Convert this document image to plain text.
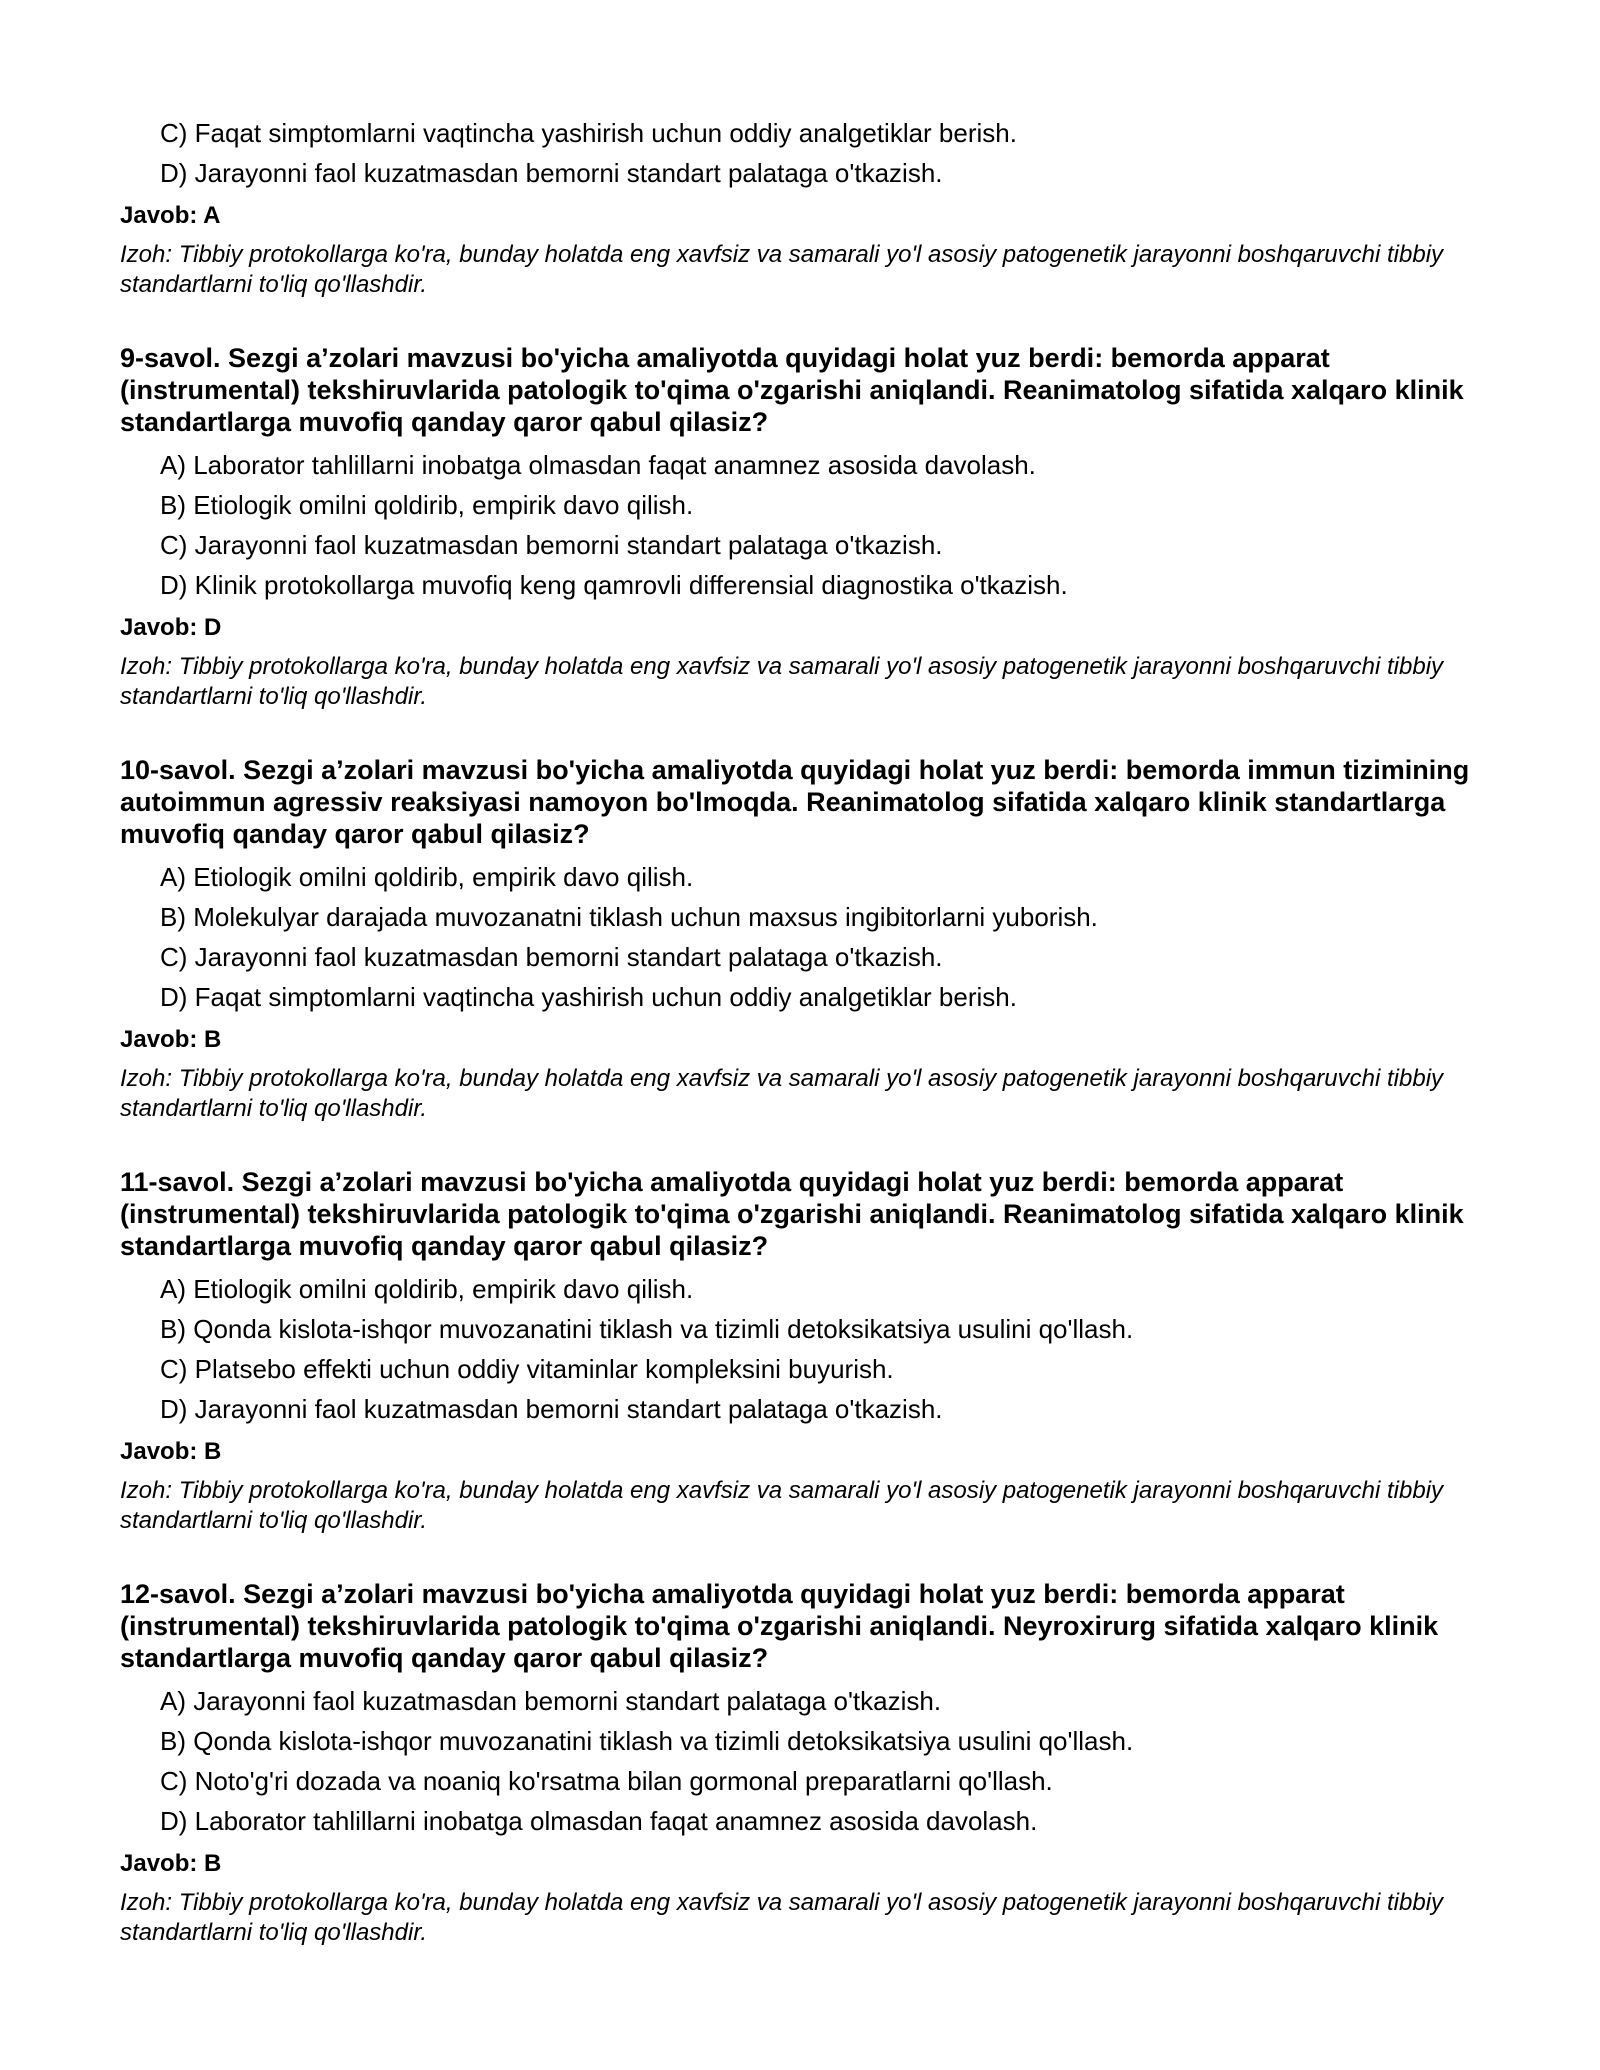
C) Faqat simptomlarni vaqtincha yashirish uchun oddiy analgetiklar berish.
D) Jarayonni faol kuzatmasdan bemorni standart palataga o'tkazish.
Javob: A

Izoh: Tibbiy protokollarga ko'ra, bunday holatda eng xavfsiz va samarali yo'l asosiy patogenetik jarayonni boshqaruvchi tibbiy standartlarni to'liq qo'llashdir.

9-savol. Sezgi a’zolari mavzusi bo'yicha amaliyotda quyidagi holat yuz berdi: bemorda apparat (instrumental) tekshiruvlarida patologik to'qima o'zgarishi aniqlandi. Reanimatolog sifatida xalqaro klinik standartlarga muvofiq qanday qaror qabul qilasiz?

A) Laborator tahlillarni inobatga olmasdan faqat anamnez asosida davolash.
B) Etiologik omilni qoldirib, empirik davo qilish.
C) Jarayonni faol kuzatmasdan bemorni standart palataga o'tkazish.
D) Klinik protokollarga muvofiq keng qamrovli differensial diagnostika o'tkazish.
Javob: D

Izoh: Tibbiy protokollarga ko'ra, bunday holatda eng xavfsiz va samarali yo'l asosiy patogenetik jarayonni boshqaruvchi tibbiy standartlarni to'liq qo'llashdir.

10-savol. Sezgi a’zolari mavzusi bo'yicha amaliyotda quyidagi holat yuz berdi: bemorda immun tizimining autoimmun agressiv reaksiyasi namoyon bo'lmoqda. Reanimatolog sifatida xalqaro klinik standartlarga muvofiq qanday qaror qabul qilasiz?

A) Etiologik omilni qoldirib, empirik davo qilish.
B) Molekulyar darajada muvozanatni tiklash uchun maxsus ingibitorlarni yuborish.
C) Jarayonni faol kuzatmasdan bemorni standart palataga o'tkazish.
D) Faqat simptomlarni vaqtincha yashirish uchun oddiy analgetiklar berish.
Javob: B

Izoh: Tibbiy protokollarga ko'ra, bunday holatda eng xavfsiz va samarali yo'l asosiy patogenetik jarayonni boshqaruvchi tibbiy standartlarni to'liq qo'llashdir.

11-savol. Sezgi a’zolari mavzusi bo'yicha amaliyotda quyidagi holat yuz berdi: bemorda apparat (instrumental) tekshiruvlarida patologik to'qima o'zgarishi aniqlandi. Reanimatolog sifatida xalqaro klinik standartlarga muvofiq qanday qaror qabul qilasiz?

A) Etiologik omilni qoldirib, empirik davo qilish.
B) Qonda kislota-ishqor muvozanatini tiklash va tizimli detoksikatsiya usulini qo'llash.
C) Platsebo effekti uchun oddiy vitaminlar kompleksini buyurish.
D) Jarayonni faol kuzatmasdan bemorni standart palataga o'tkazish.
Javob: B

Izoh: Tibbiy protokollarga ko'ra, bunday holatda eng xavfsiz va samarali yo'l asosiy patogenetik jarayonni boshqaruvchi tibbiy standartlarni to'liq qo'llashdir.

12-savol. Sezgi a’zolari mavzusi bo'yicha amaliyotda quyidagi holat yuz berdi: bemorda apparat (instrumental) tekshiruvlarida patologik to'qima o'zgarishi aniqlandi. Neyroxirurg sifatida xalqaro klinik standartlarga muvofiq qanday qaror qabul qilasiz?

A) Jarayonni faol kuzatmasdan bemorni standart palataga o'tkazish.
B) Qonda kislota-ishqor muvozanatini tiklash va tizimli detoksikatsiya usulini qo'llash.
C) Noto'g'ri dozada va noaniq ko'rsatma bilan gormonal preparatlarni qo'llash.
D) Laborator tahlillarni inobatga olmasdan faqat anamnez asosida davolash.
Javob: B

Izoh: Tibbiy protokollarga ko'ra, bunday holatda eng xavfsiz va samarali yo'l asosiy patogenetik jarayonni boshqaruvchi tibbiy standartlarni to'liq qo'llashdir.
